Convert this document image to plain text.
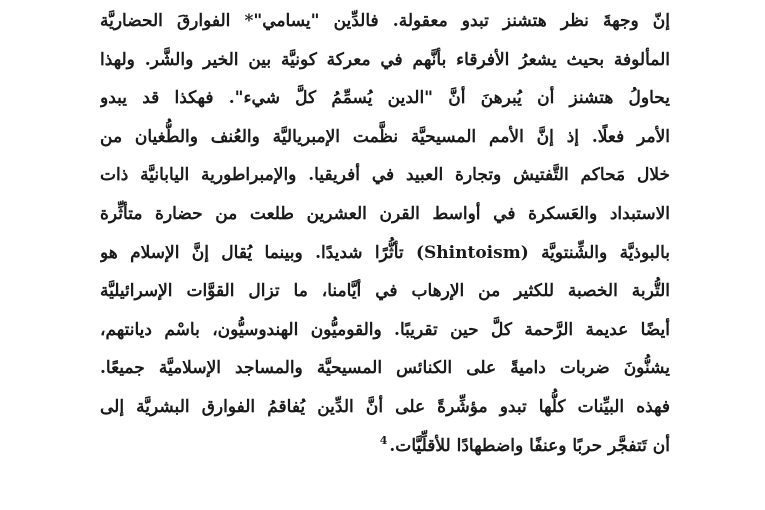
إنّ وجهةَ نظر هتشنز تبدو معقولة. فالدِّين "يسامي"* الفوارقَ الحضاريَّة
المألوفة بحيث يشعرُ الأفرقاء بأنَّهم في معركة كونيَّة بين الخير والشَّر. ولهذا
يحاولُ هتشنز أن يُبرهنَ أنَّ "الدين يُسمِّمُ كلَّ شيء". فهكذا قد يبدو
الأمر فعلًا. إذ إنَّ الأمم المسيحيَّة نظَّمت الإمبرياليَّة والعُنف والطُّغيان من
خلال مَحاكم التَّفتيش وتجارة العبيد في أفريقيا. والإمبراطورية اليابانيَّة ذات
الاستبداد والعَسكرة في أواسط القرن العشرين طلعت من حضارة متأثِّرة
بالبوذيَّة والشِّنتويَّة (Shintoism) تأثُّرًا شديدًا. وبينما يُقال إنَّ الإسلام هو
التُّربة الخصبة للكثير من الإرهاب في أيَّامنا، ما تزال القوَّات الإسرائيليَّة
أيضًا عديمة الرَّحمة كلَّ حين تقريبًا. والقوميُّون الهندوسيُّون، باسْم ديانتهم،
يشنُّونَ ضربات داميةً على الكنائس المسيحيَّة والمساجد الإسلاميَّة جميعًا.
فهذه البيِّنات كلُّها تبدو مؤشِّرةً على أنَّ الدِّين يُفاقمُ الفوارق البشريَّة إلى
أن تَتفجَّر حربًا وعنفًا واضطهادًا للأقلِّيَّات.$^4$
